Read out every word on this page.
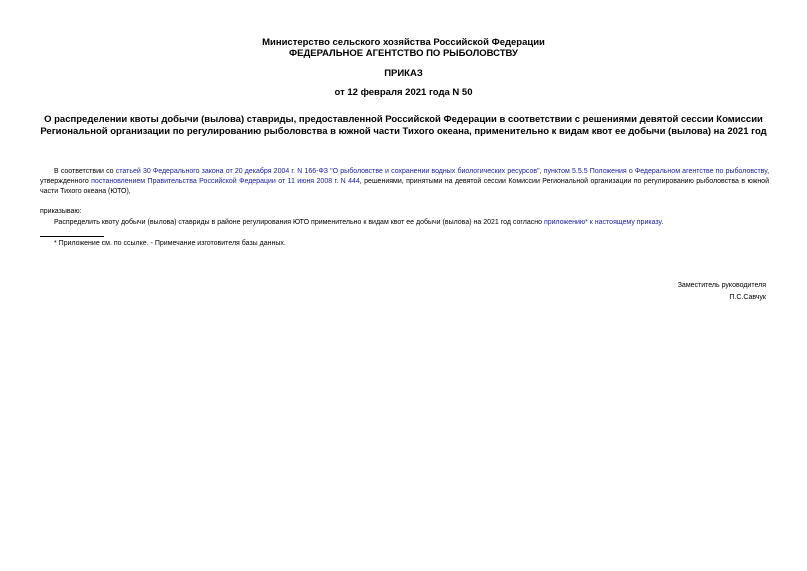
Министерство сельского хозяйства Российской Федерации
ФЕДЕРАЛЬНОЕ АГЕНТСТВО ПО РЫБОЛОВСТВУ
ПРИКАЗ
от 12 февраля 2021 года N 50
О распределении квоты добычи (вылова) ставриды, предоставленной Российской Федерации в соответствии с решениями девятой сессии Комиссии
Региональной организации по регулированию рыболовства в южной части Тихого океана, применительно к видам квот ее добычи (вылова) на 2021 год
В соответствии со статьей 30 Федерального закона от 20 декабря 2004 г. N 166-ФЗ "О рыболовстве и сохранении водных биологических ресурсов", пунктом 5.5.5 Положения о Федеральном агентстве по рыболовству, утвержденного постановлением Правительства Российской Федерации от 11 июня 2008 г. N 444, решениями, принятыми на девятой сессии Комиссии Региональной организации по регулированию рыболовства в южной части Тихого океана (ЮТО),
приказываю:
Распределить квоту добычи (вылова) ставриды в районе регулирования ЮТО применительно к видам квот ее добычи (вылова) на 2021 год согласно приложению* к настоящему приказу.
* Приложение см. по ссылке. - Примечание изготовителя базы данных.
Заместитель руководителя
П.С.Савчук
